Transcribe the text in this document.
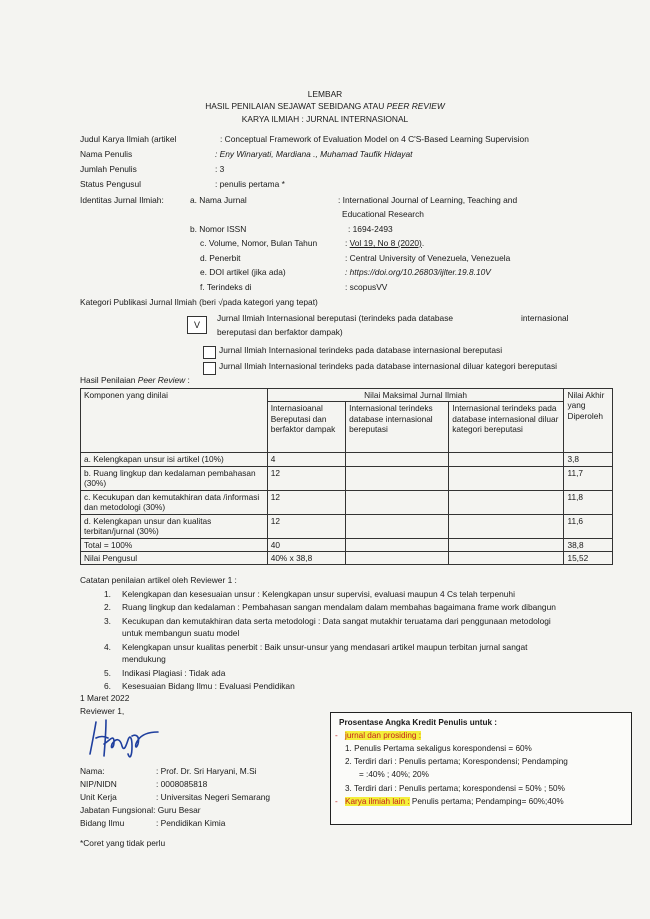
LEMBAR
HASIL PENILAIAN SEJAWAT SEBIDANG ATAU PEER REVIEW
KARYA ILMIAH : JURNAL INTERNASIONAL
Judul Karya Ilmiah (artikel	: Conceptual Framework of Evaluation Model on 4 C'S-Based Learning Supervision
Nama Penulis	: Eny Winaryati, Mardiana ., Muhamad Taufik Hidayat
Jumlah Penulis	: 3
Status Pengusul	: penulis pertama *
Identitas Jurnal Ilmiah:	a. Nama Jurnal	: International Journal of Learning, Teaching and
Educational Research
b. Nomor ISSN	: 1694-2493
c. Volume, Nomor, Bulan Tahun	: Vol 19, No 8 (2020).
d. Penerbit	: Central University of Venezuela, Venezuela
e. DOI artikel (jika ada)	: https://doi.org/10.26803/ijlter.19.8.10V
f. Terindeks di	: scopusVV
Kategori Publikasi Jurnal Ilmiah (beri √pada kategori yang tepat)
V
Jurnal Ilmiah Internasional bereputasi (terindeks pada database	internasional
bereputasi dan berfaktor dampak)
Jurnal Ilmiah Internasional terindeks pada database internasional bereputasi
Jurnal Ilmiah Internasional terindeks pada database internasional diluar kategori bereputasi
Hasil Penilaian Peer Review :
Komponen yang dinilai	Nilai Maksimal Jurnal Ilmiah			Nilai Akhir yang Diperoleh
	Internasioanal Bereputasi dan berfaktor dampak	Internasional terindeks database internasional bereputasi	Internasional terindeks pada database internasional diluar kategori bereputasi	
a. Kelengkapan unsur isi artikel (10%)	4			3,8
b. Ruang lingkup dan kedalaman pembahasan (30%)	12			11,7
c. Kecukupan dan kemutakhiran data /informasi dan metodologi (30%)	12			11,8
d. Kelengkapan unsur dan kualitas terbitan/jurnal (30%)	12			11,6
Total = 100%	40			38,8
Nilai Pengusul	40% x 38,8			15,52
Catatan penilaian artikel oleh Reviewer 1 :
1. Kelengkapan dan kesesuaian unsur : Kelengkapan unsur supervisi, evaluasi maupun 4 Cs telah terpenuhi
2. Ruang lingkup dan kedalaman : Pembahasan sangan mendalam dalam membahas bagaimana frame work dibangun
3. Kecukupan dan kemutakhiran data serta metodologi : Data sangat mutakhir teruatama dari penggunaan metodologi
untuk membangun suatu model
4. Kelengkapan unsur kualitas penerbit : Baik unsur-unsur yang mendasari artikel maupun terbitan jurnal sangat
mendukung
5. Indikasi Plagiasi : Tidak ada
6. Kesesuaian Bidang Ilmu : Evaluasi Pendidikan
1 Maret 2022
Reviewer 1,
Nama:	: Prof. Dr. Sri Haryani, M.Si
NIP/NIDN	: 0008085818
Unit Kerja	: Universitas Negeri Semarang
Jabatan Fungsional: Guru Besar
Bidang Ilmu	: Pendidikan Kimia
*Coret yang tidak perlu
Prosentase Angka Kredit Penulis untuk :
- jurnal dan prosiding :
1. Penulis Pertama sekaligus korespondensi = 60%
2. Terdiri dari : Penulis pertama; Korespondensi; Pendamping
= :40% ; 40%; 20%
3. Terdiri dari : Penulis pertama; korespondensi = 50% ; 50%
- Karya ilmiah lain : Penulis pertama; Pendamping= 60%;40%
